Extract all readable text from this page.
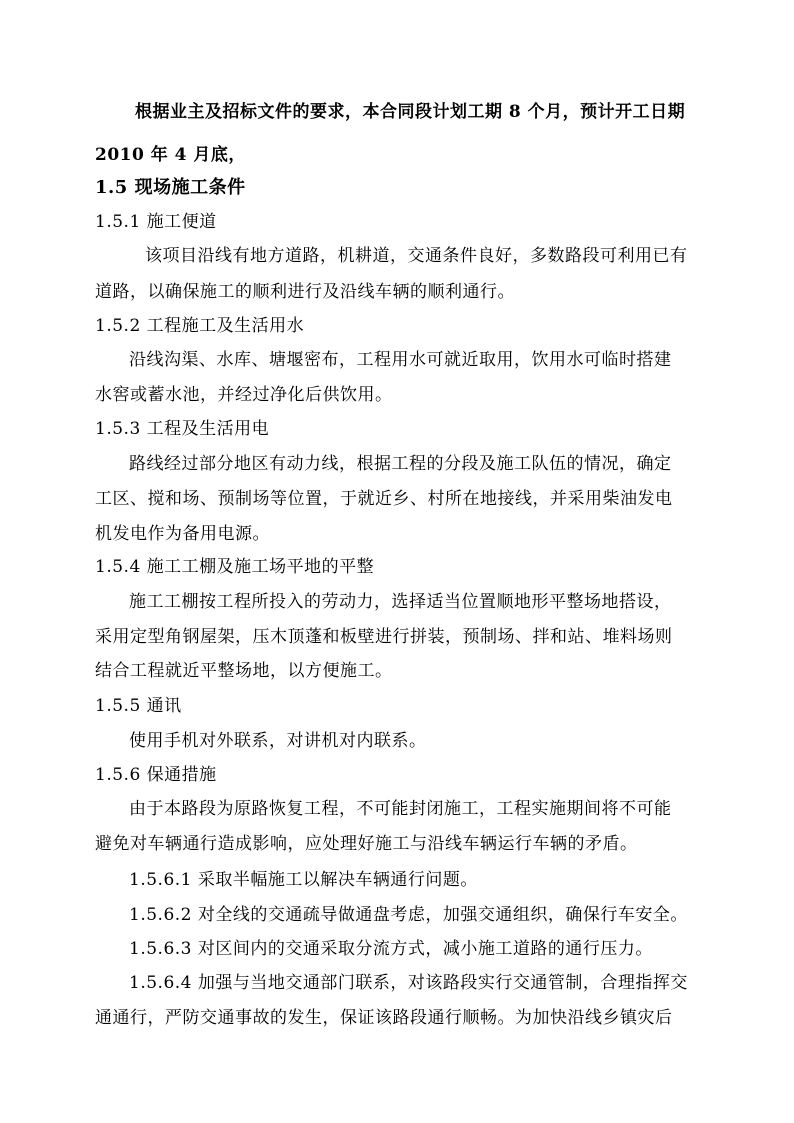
根据业主及招标文件的要求，本合同段计划工期 8 个月，预计开工日期
2010 年 4 月底，
1.5 现场施工条件
1.5.1 施工便道
该项目沿线有地方道路，机耕道，交通条件良好，多数路段可利用已有
道路，以确保施工的顺利进行及沿线车辆的顺利通行。
1.5.2 工程施工及生活用水
沿线沟渠、水库、塘堰密布，工程用水可就近取用，饮用水可临时搭建
水窖或蓄水池，并经过净化后供饮用。
1.5.3 工程及生活用电
路线经过部分地区有动力线，根据工程的分段及施工队伍的情况，确定
工区、搅和场、预制场等位置，于就近乡、村所在地接线，并采用柴油发电
机发电作为备用电源。
1.5.4 施工工棚及施工场平地的平整
施工工棚按工程所投入的劳动力，选择适当位置顺地形平整场地搭设，
采用定型角钢屋架，压木顶蓬和板壁进行拼装，预制场、拌和站、堆料场则
结合工程就近平整场地，以方便施工。
1.5.5 通讯
使用手机对外联系，对讲机对内联系。
1.5.6 保通措施
由于本路段为原路恢复工程，不可能封闭施工，工程实施期间将不可能
避免对车辆通行造成影响，应处理好施工与沿线车辆运行车辆的矛盾。
1.5.6.1 采取半幅施工以解决车辆通行问题。
1.5.6.2 对全线的交通疏导做通盘考虑，加强交通组织，确保行车安全。
1.5.6.3 对区间内的交通采取分流方式，减小施工道路的通行压力。
1.5.6.4 加强与当地交通部门联系，对该路段实行交通管制，合理指挥交
通通行，严防交通事故的发生，保证该路段通行顺畅。为加快沿线乡镇灾后
